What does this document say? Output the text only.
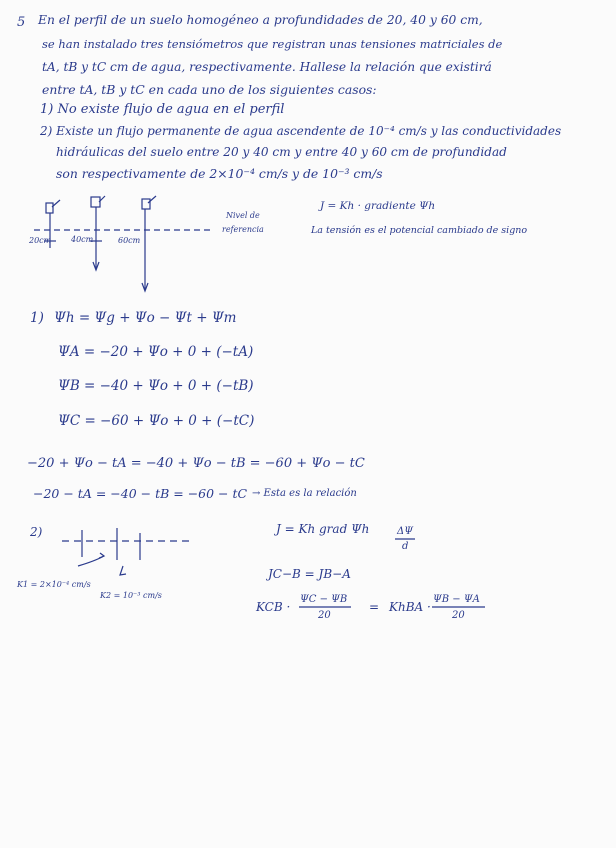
5 En el perfil de un suelo homogéneo a profundidades de 20, 40 y 60 cm,
se han instalado tres tensiómetros que registran unas tensiones matriciales de
tA, tB y tC cm de agua, respectivamente. Hallese la relación que existirá
entre tA, tB y tC en cada uno de los siguientes casos:
1) No existe flujo de agua en el perfil
2) Existe un flujo permanente de agua ascendente de 10⁻⁴ cm/s y las conductividades
hidráulicas del suelo entre 20 y 40 cm y entre 40 y 60 cm de profundidad
son respectivamente de 2×10⁻⁴ cm/s y de 10⁻³ cm/s
20cm 40cm	60cm
Nivel de
referencia
J = Kh · gradiente Ψh
La tensión es el potencial cambiado de signo
1) Ψh = Ψg + Ψo − Ψt + Ψm
ΨA = −20 + Ψo + 0 + (−tA)
ΨB = −40 + Ψo + 0 + (−tB)
ΨC = −60 + Ψo + 0 + (−tC)
−20 + Ψo − tA = −40 + Ψo − tB = −60 + Ψo − tC
−20 − tA = −40 − tB = −60 − tC → Esta es la relación
2)
K1 = 2×10⁻⁴ cm/s
K2 = 10⁻³ cm/s
J = Kh grad Ψh	ΔΨ
d
JC−B = JB−A
KCB ·
ΨC − ΨB
20
= KhBA ·
ΨB − ΨA
20
